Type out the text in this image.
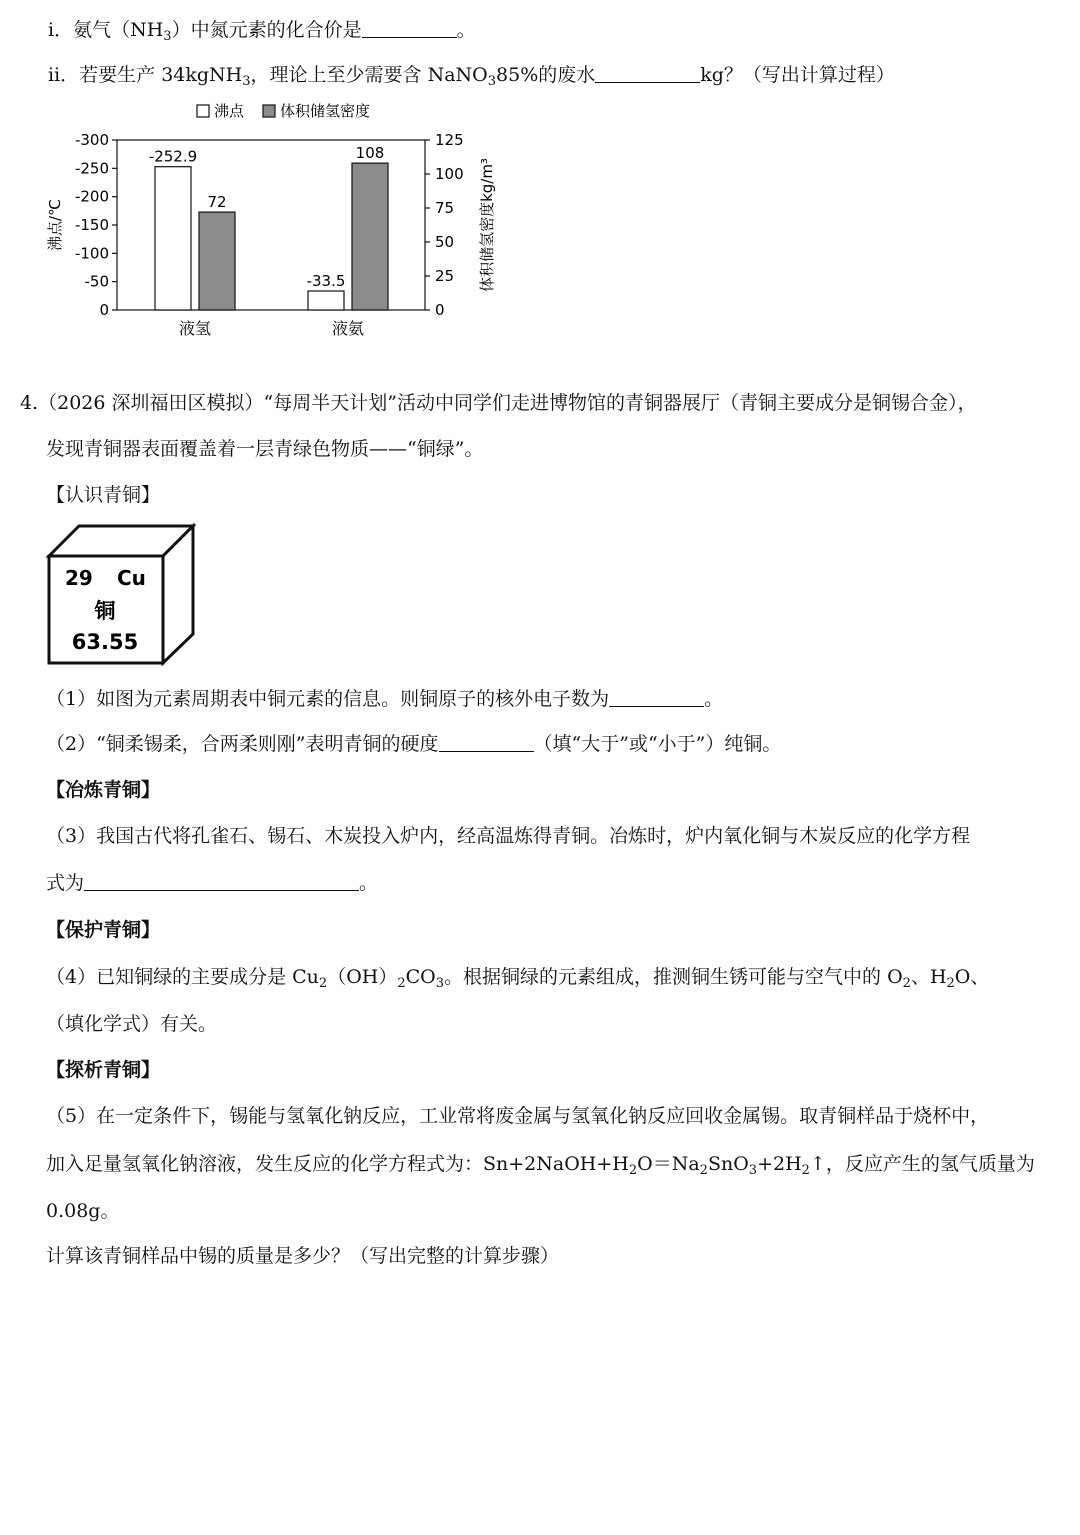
ⅰ．氨气$(NH_3)$中氮元素的化合价是	。
ⅱ．若要生产 34kgNH$_3$，理论上至少需要含 NaNO$_3$85%的废水	kg？（写出计算过程）
沸点 体积储氢密度
-300
-250
-200
-150
-100
-50
0
125
100
75
50
25
0
-252.9
72
-33.5
108
液氢	液氨
沸点/℃	体积储氢密度kg/m³
4.（2026 深圳福田区模拟）“每周半天计划”活动中同学们走进博物馆的青铜器展厅（青铜主要成分是铜锡合金），
发现青铜器表面覆盖着一层青绿色物质——“铜绿”。
【认识青铜】
29 Cu
铜
63.55
（1）如图为元素周期表中铜元素的信息。则铜原子的核外电子数为	。
（2）“铜柔锡柔，合两柔则刚”表明青铜的硬度	（填“大于”或“小于”）纯铜。
【冶炼青铜】
（3）我国古代将孔雀石、锡石、木炭投入炉内，经高温炼得青铜。冶炼时，炉内氧化铜与木炭反应的化学方程
式为	。
【保护青铜】
（4）已知铜绿的主要成分是 $Cu_2(OH)_2CO_3$。根据铜绿的元素组成，推测铜生锈可能与空气中的 $O_2$、$H_2O$、
（填化学式）有关。
【探析青铜】
（5）在一定条件下，锡能与氢氧化钠反应，工业常将废金属与氢氧化钠反应回收金属锡。取青铜样品于烧杯中，
加入足量氢氧化钠溶液，发生反应的化学方程式为：$Sn+2NaOH+H_2O=Na_2SnO_3+2H_2↑$，反应产生的氢气质量为
0.08g。
计算该青铜样品中锡的质量是多少？（写出完整的计算步骤）
